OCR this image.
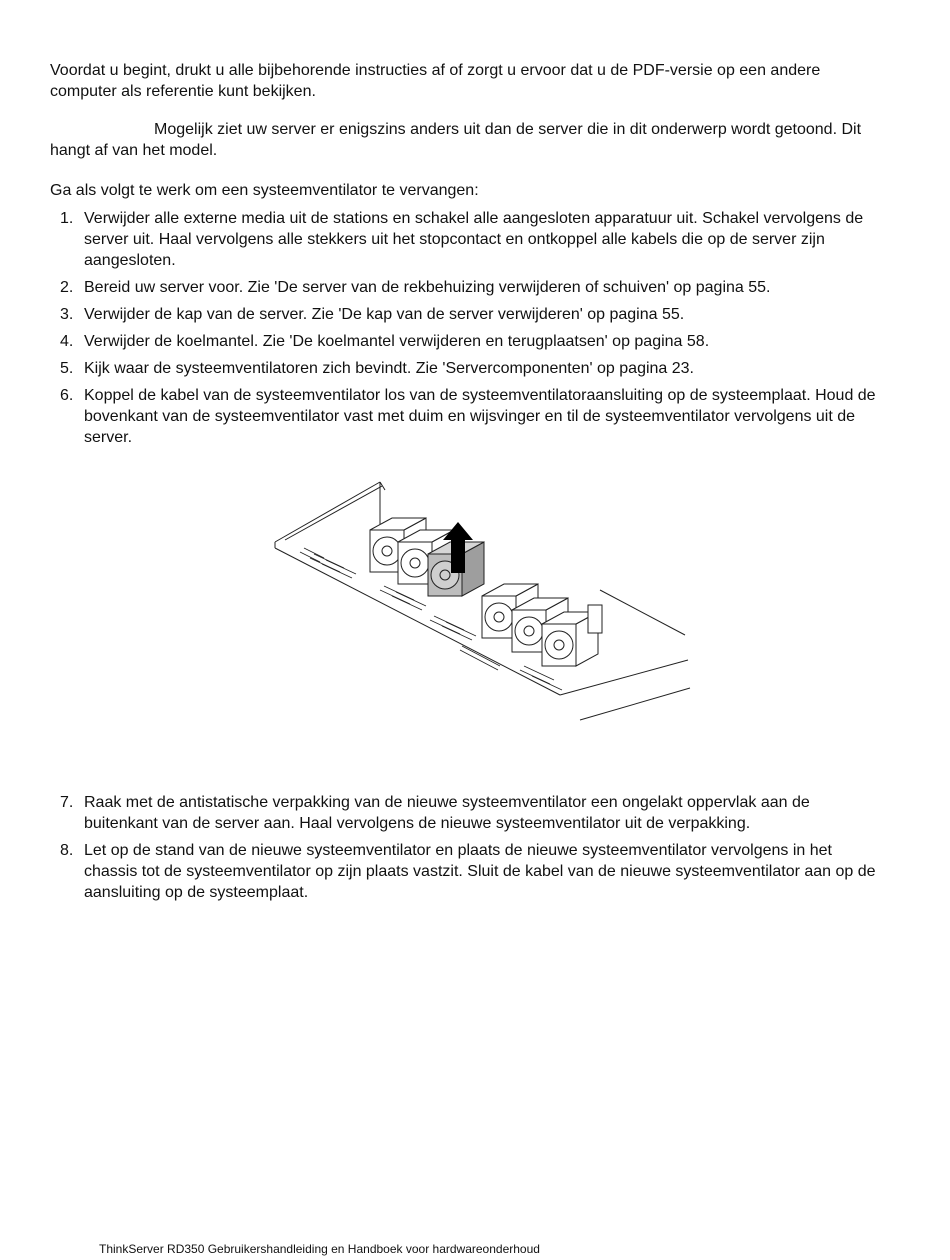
Voordat u begint, drukt u alle bijbehorende instructies af of zorgt u ervoor dat u de PDF-versie op een andere computer als referentie kunt bekijken.

Mogelijk ziet uw server er enigszins anders uit dan de server die in dit onderwerp wordt getoond. Dit hangt af van het model.

Ga als volgt te werk om een systeemventilator te vervangen:

1. Verwijder alle externe media uit de stations en schakel alle aangesloten apparatuur uit. Schakel vervolgens de server uit. Haal vervolgens alle stekkers uit het stopcontact en ontkoppel alle kabels die op de server zijn aangesloten.
2. Bereid uw server voor. Zie 'De server van de rekbehuizing verwijderen of schuiven' op pagina 55.
3. Verwijder de kap van de server. Zie 'De kap van de server verwijderen' op pagina 55.
4. Verwijder de koelmantel. Zie 'De koelmantel verwijderen en terugplaatsen' op pagina 58.
5. Kijk waar de systeemventilatoren zich bevindt. Zie 'Servercomponenten' op pagina 23.
6. Koppel de kabel van de systeemventilator los van de systeemventilatoraansluiting op de systeemplaat. Houd de bovenkant van de systeemventilator vast met duim en wijsvinger en til de systeemventilator vervolgens uit de server.
7. Raak met de antistatische verpakking van de nieuwe systeemventilator een ongelakt oppervlak aan de buitenkant van de server aan. Haal vervolgens de nieuwe systeemventilator uit de verpakking.
8. Let op de stand van de nieuwe systeemventilator en plaats de nieuwe systeemventilator vervolgens in het chassis tot de systeemventilator op zijn plaats vastzit. Sluit de kabel van de nieuwe systeemventilator aan op de aansluiting op de systeemplaat.
ThinkServer RD350 Gebruikershandleiding en Handboek voor hardwareonderhoud
